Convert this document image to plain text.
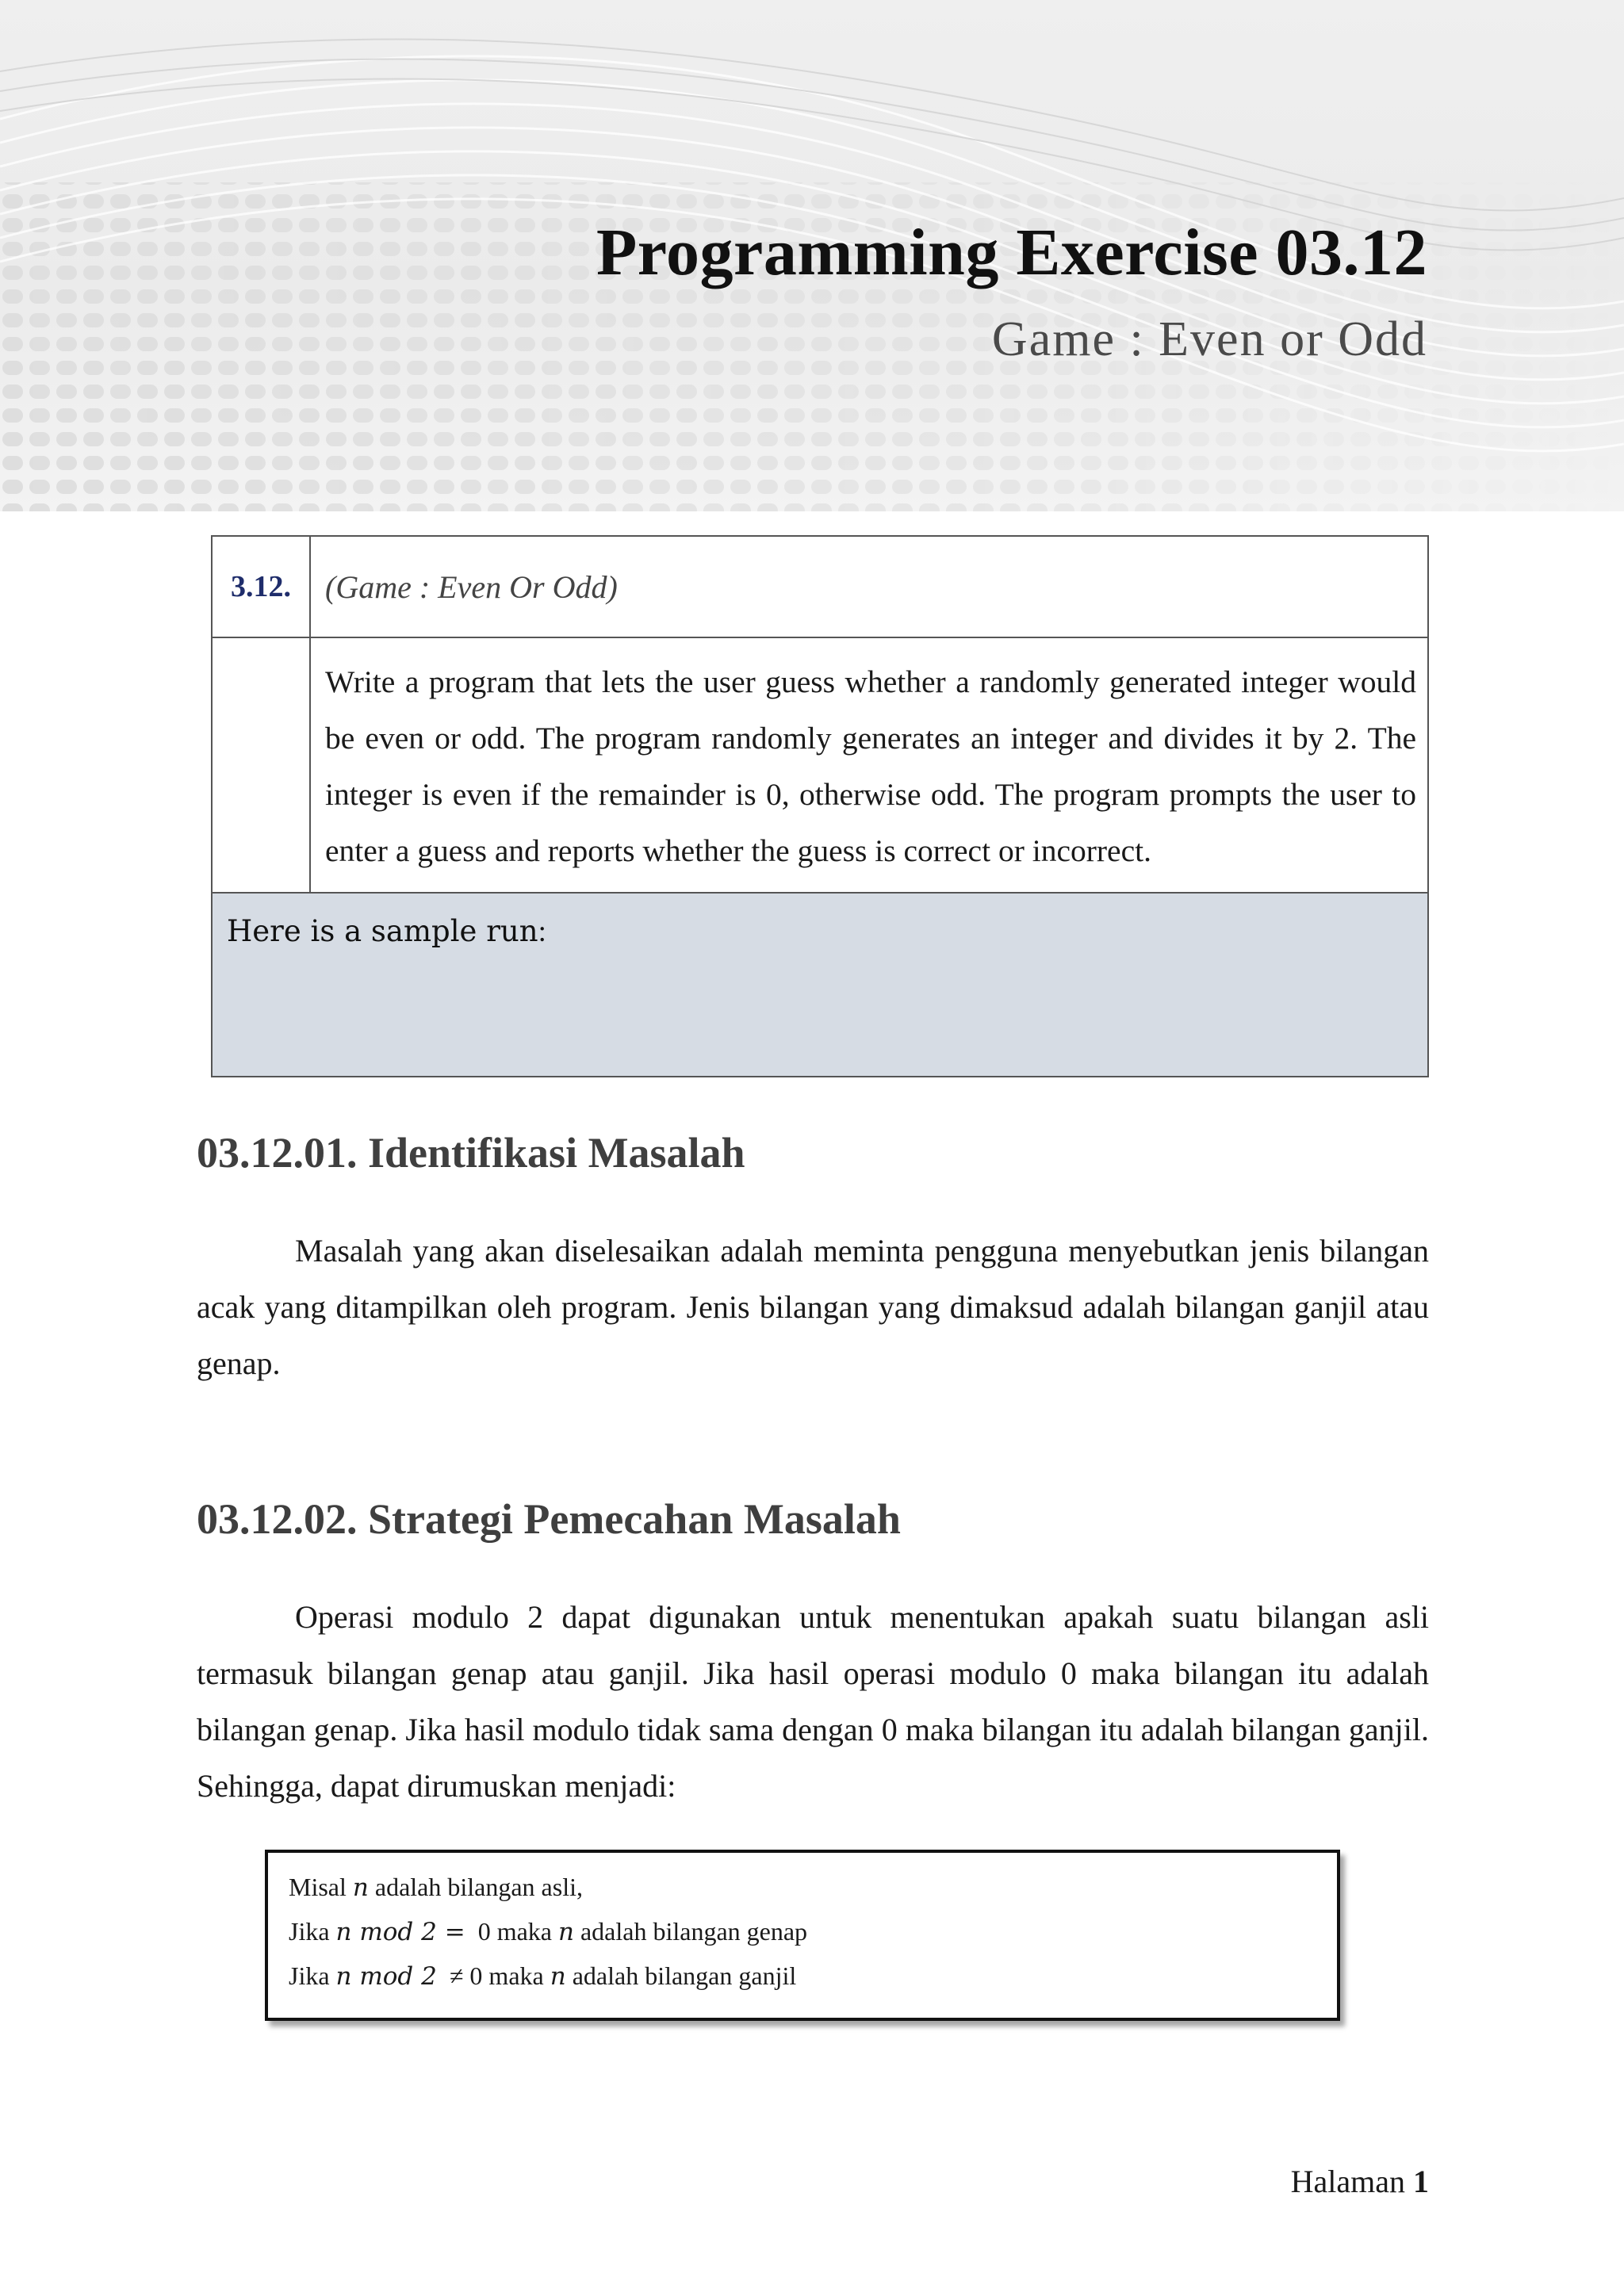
Programming Exercise 03.12
Game : Even or Odd
3.12.	(Game : Even Or Odd)
	Write a program that lets the user guess whether a randomly generated integer would be even or odd. The program randomly generates an integer and divides it by 2. The integer is even if the remainder is 0, otherwise odd. The program prompts the user to enter a guess and reports whether the guess is correct or incorrect.
Here is a sample run:	
03.12.01. Identifikasi Masalah

Masalah yang akan diselesaikan adalah meminta pengguna menyebutkan jenis bilangan acak yang ditampilkan oleh program. Jenis bilangan yang dimaksud adalah bilangan ganjil atau genap.

03.12.02. Strategi Pemecahan Masalah

Operasi modulo 2 dapat digunakan untuk menentukan apakah suatu bilangan asli termasuk bilangan genap atau ganjil. Jika hasil operasi modulo 0 maka bilangan itu adalah bilangan genap. Jika hasil modulo tidak sama dengan 0 maka bilangan itu adalah bilangan ganjil. Sehingga, dapat dirumuskan menjadi:

Misal n adalah bilangan asli,
Jika n mod 2 = 0 maka n adalah bilangan genap
Jika n mod 2 ≠ 0 maka n adalah bilangan ganjil
Halaman 1
